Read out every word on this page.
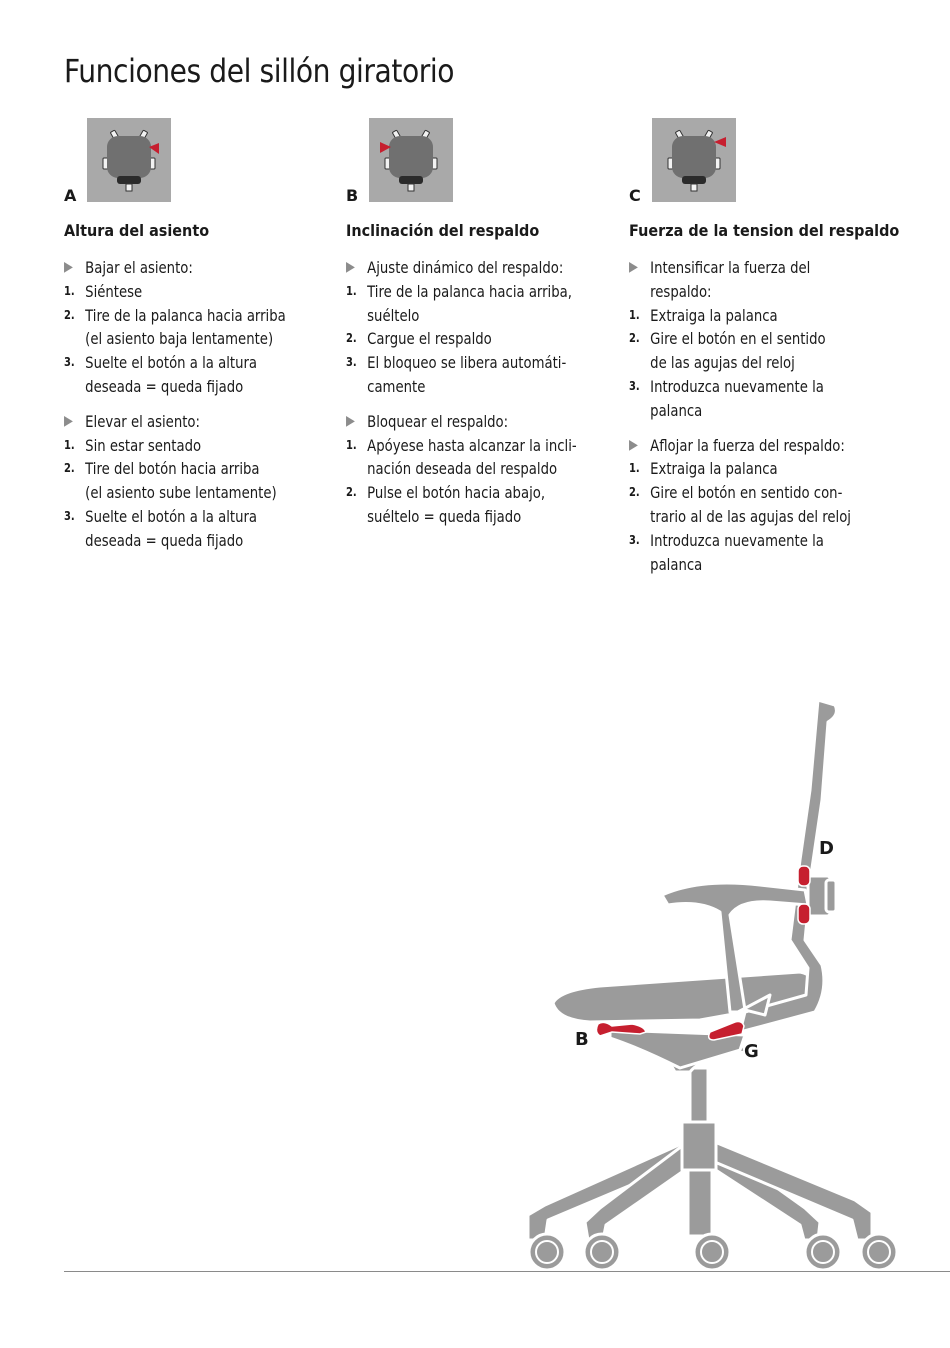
Funciones del sillón giratorio
A
Altura del asiento
▶ Bajar el asiento:
1. Siéntese
2. Tire de la palanca hacia arriba
(el asiento baja lentamente)
3. Suelte el botón a la altura
deseada = queda fijado
▶ Elevar el asiento:
1. Sin estar sentado
2. Tire del botón hacia arriba
(el asiento sube lentamente)
3. Suelte el botón a la altura
deseada = queda fijado
B
Inclinación del respaldo
▶ Ajuste dinámico del respaldo:
1. Tire de la palanca hacia arriba,
suéltelo
2. Cargue el respaldo
3. El bloqueo se libera automáti-
camente
▶ Bloquear el respaldo:
1. Apóyese hasta alcanzar la incli-
nación deseada del respaldo
2. Pulse el botón hacia abajo,
suéltelo = queda fijado
C
Fuerza de la tension del respaldo
▶ Intensificar la fuerza del
respaldo:
1. Extraiga la palanca
2. Gire el botón en el sentido
de las agujas del reloj
3. Introduzca nuevamente la
palanca
▶ Aflojar la fuerza del respaldo:
1. Extraiga la palanca
2. Gire el botón en sentido con-
trario al de las agujas del reloj
3. Introduzca nuevamente la
palanca
D
B
G
